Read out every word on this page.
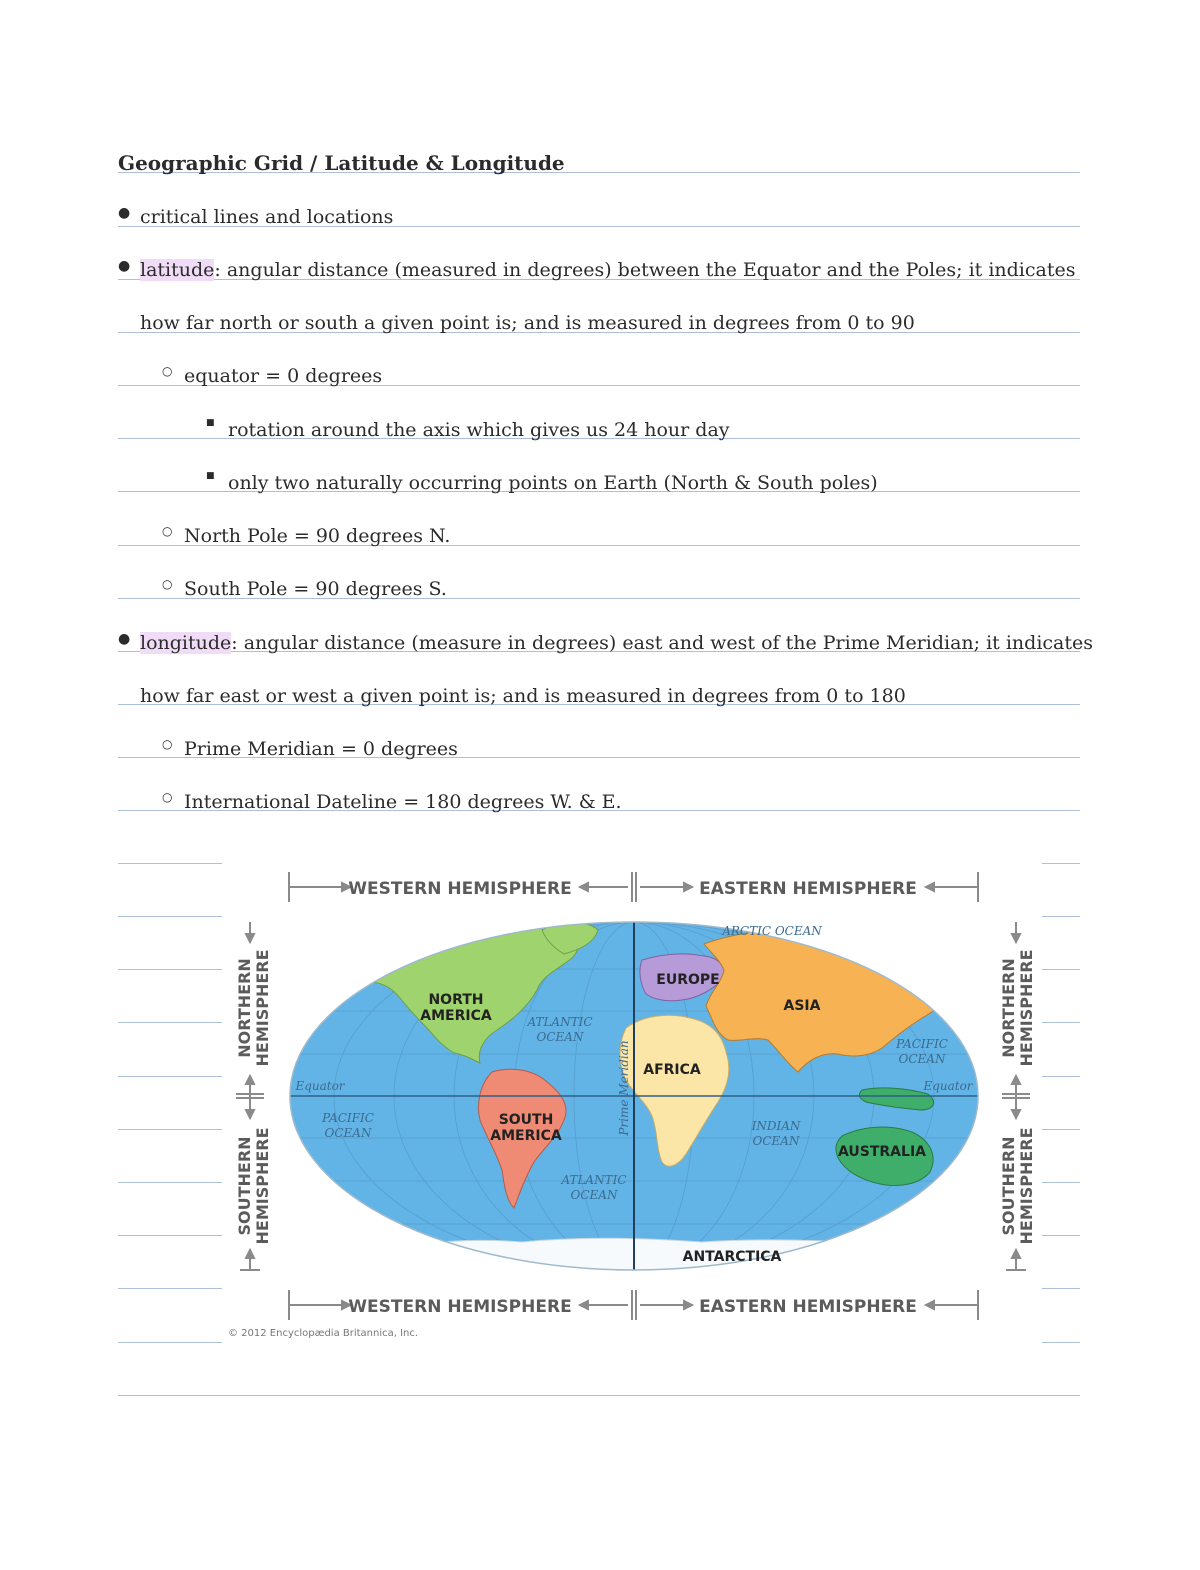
Geographic Grid / Latitude & Longitude
● critical lines and locations
● latitude: angular distance (measured in degrees) between the Equator and the Poles; it indicates
how far north or south a given point is; and is measured in degrees from 0 to 90
○ equator = 0 degrees
■ rotation around the axis which gives us 24 hour day
■ only two naturally occurring points on Earth (North & South poles)
○ North Pole = 90 degrees N.
○ South Pole = 90 degrees S.
● longitude: angular distance (measure in degrees) east and west of the Prime Meridian; it indicates
how far east or west a given point is; and is measured in degrees from 0 to 180
○ Prime Meridian = 0 degrees
○ International Dateline = 180 degrees W. & E.
WESTERN HEMISPHERE	EASTERN HEMISPHERE
WESTERN HEMISPHERE	EASTERN HEMISPHERE
NORTHERN HEMISPHERE
SOUTHERN HEMISPHERE
NORTHERN HEMISPHERE
SOUTHERN HEMISPHERE
NORTH
AMERICA
SOUTH
AMERICA
EUROPE
ASIA
AFRICA
AUSTRALIA
ANTARCTICA
ARCTIC OCEAN
ATLANTIC
OCEAN
ATLANTIC
OCEAN
PACIFIC
OCEAN
PACIFIC
OCEAN
INDIAN
OCEAN
Equator	Equator
Prime Meridian
© 2012 Encyclopædia Britannica, Inc.
